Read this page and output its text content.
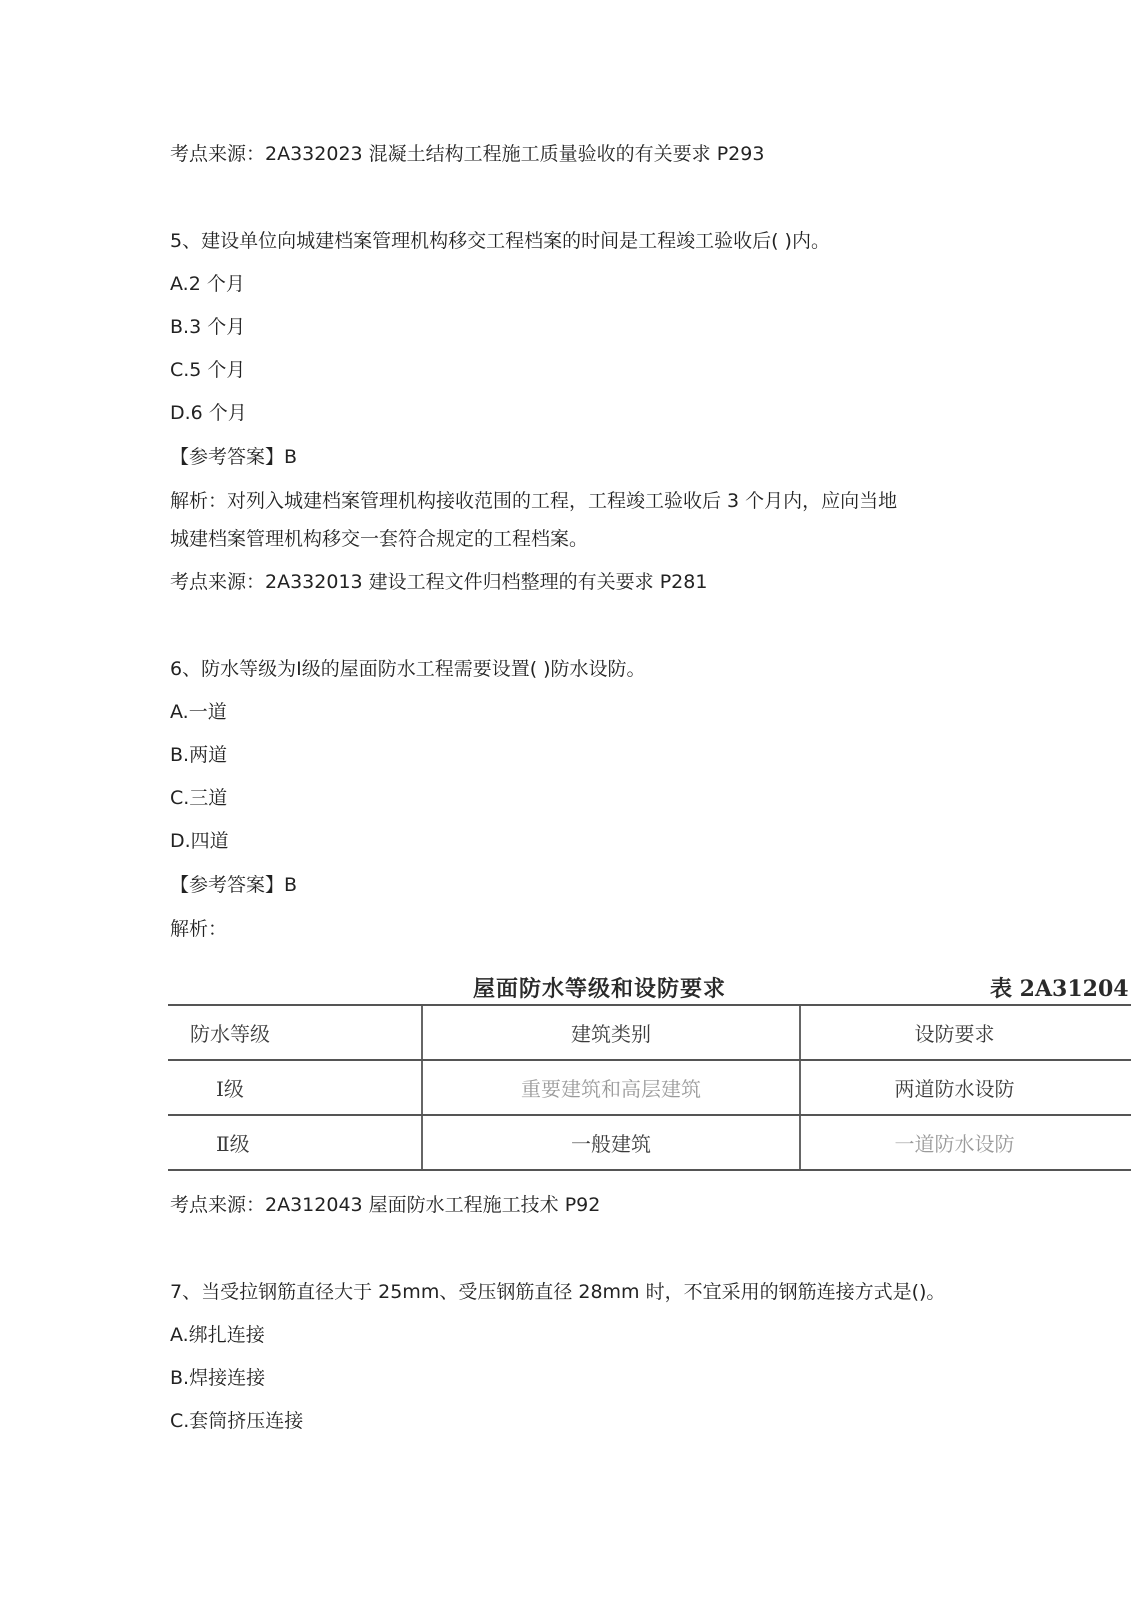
考点来源：2A332023 混凝土结构工程施工质量验收的有关要求 P293
5、建设单位向城建档案管理机构移交工程档案的时间是工程竣工验收后( )内。
A.2 个月
B.3 个月
C.5 个月
D.6 个月
【参考答案】B
解析：对列入城建档案管理机构接收范围的工程，工程竣工验收后 3 个月内，应向当地
城建档案管理机构移交一套符合规定的工程档案。
考点来源：2A332013 建设工程文件归档整理的有关要求 P281
6、防水等级为Ⅰ级的屋面防水工程需要设置( )防水设防。
A.一道
B.两道
C.三道
D.四道
【参考答案】B
解析：
屋面防水等级和设防要求	表 2A31204
防水等级	建筑类别	设防要求
Ⅰ级	重要建筑和高层建筑	两道防水设防
Ⅱ级	一般建筑	一道防水设防
考点来源：2A312043 屋面防水工程施工技术 P92
7、当受拉钢筋直径大于 25mm、受压钢筋直径 28mm 时，不宜采用的钢筋连接方式是()。
A.绑扎连接
B.焊接连接
C.套筒挤压连接
